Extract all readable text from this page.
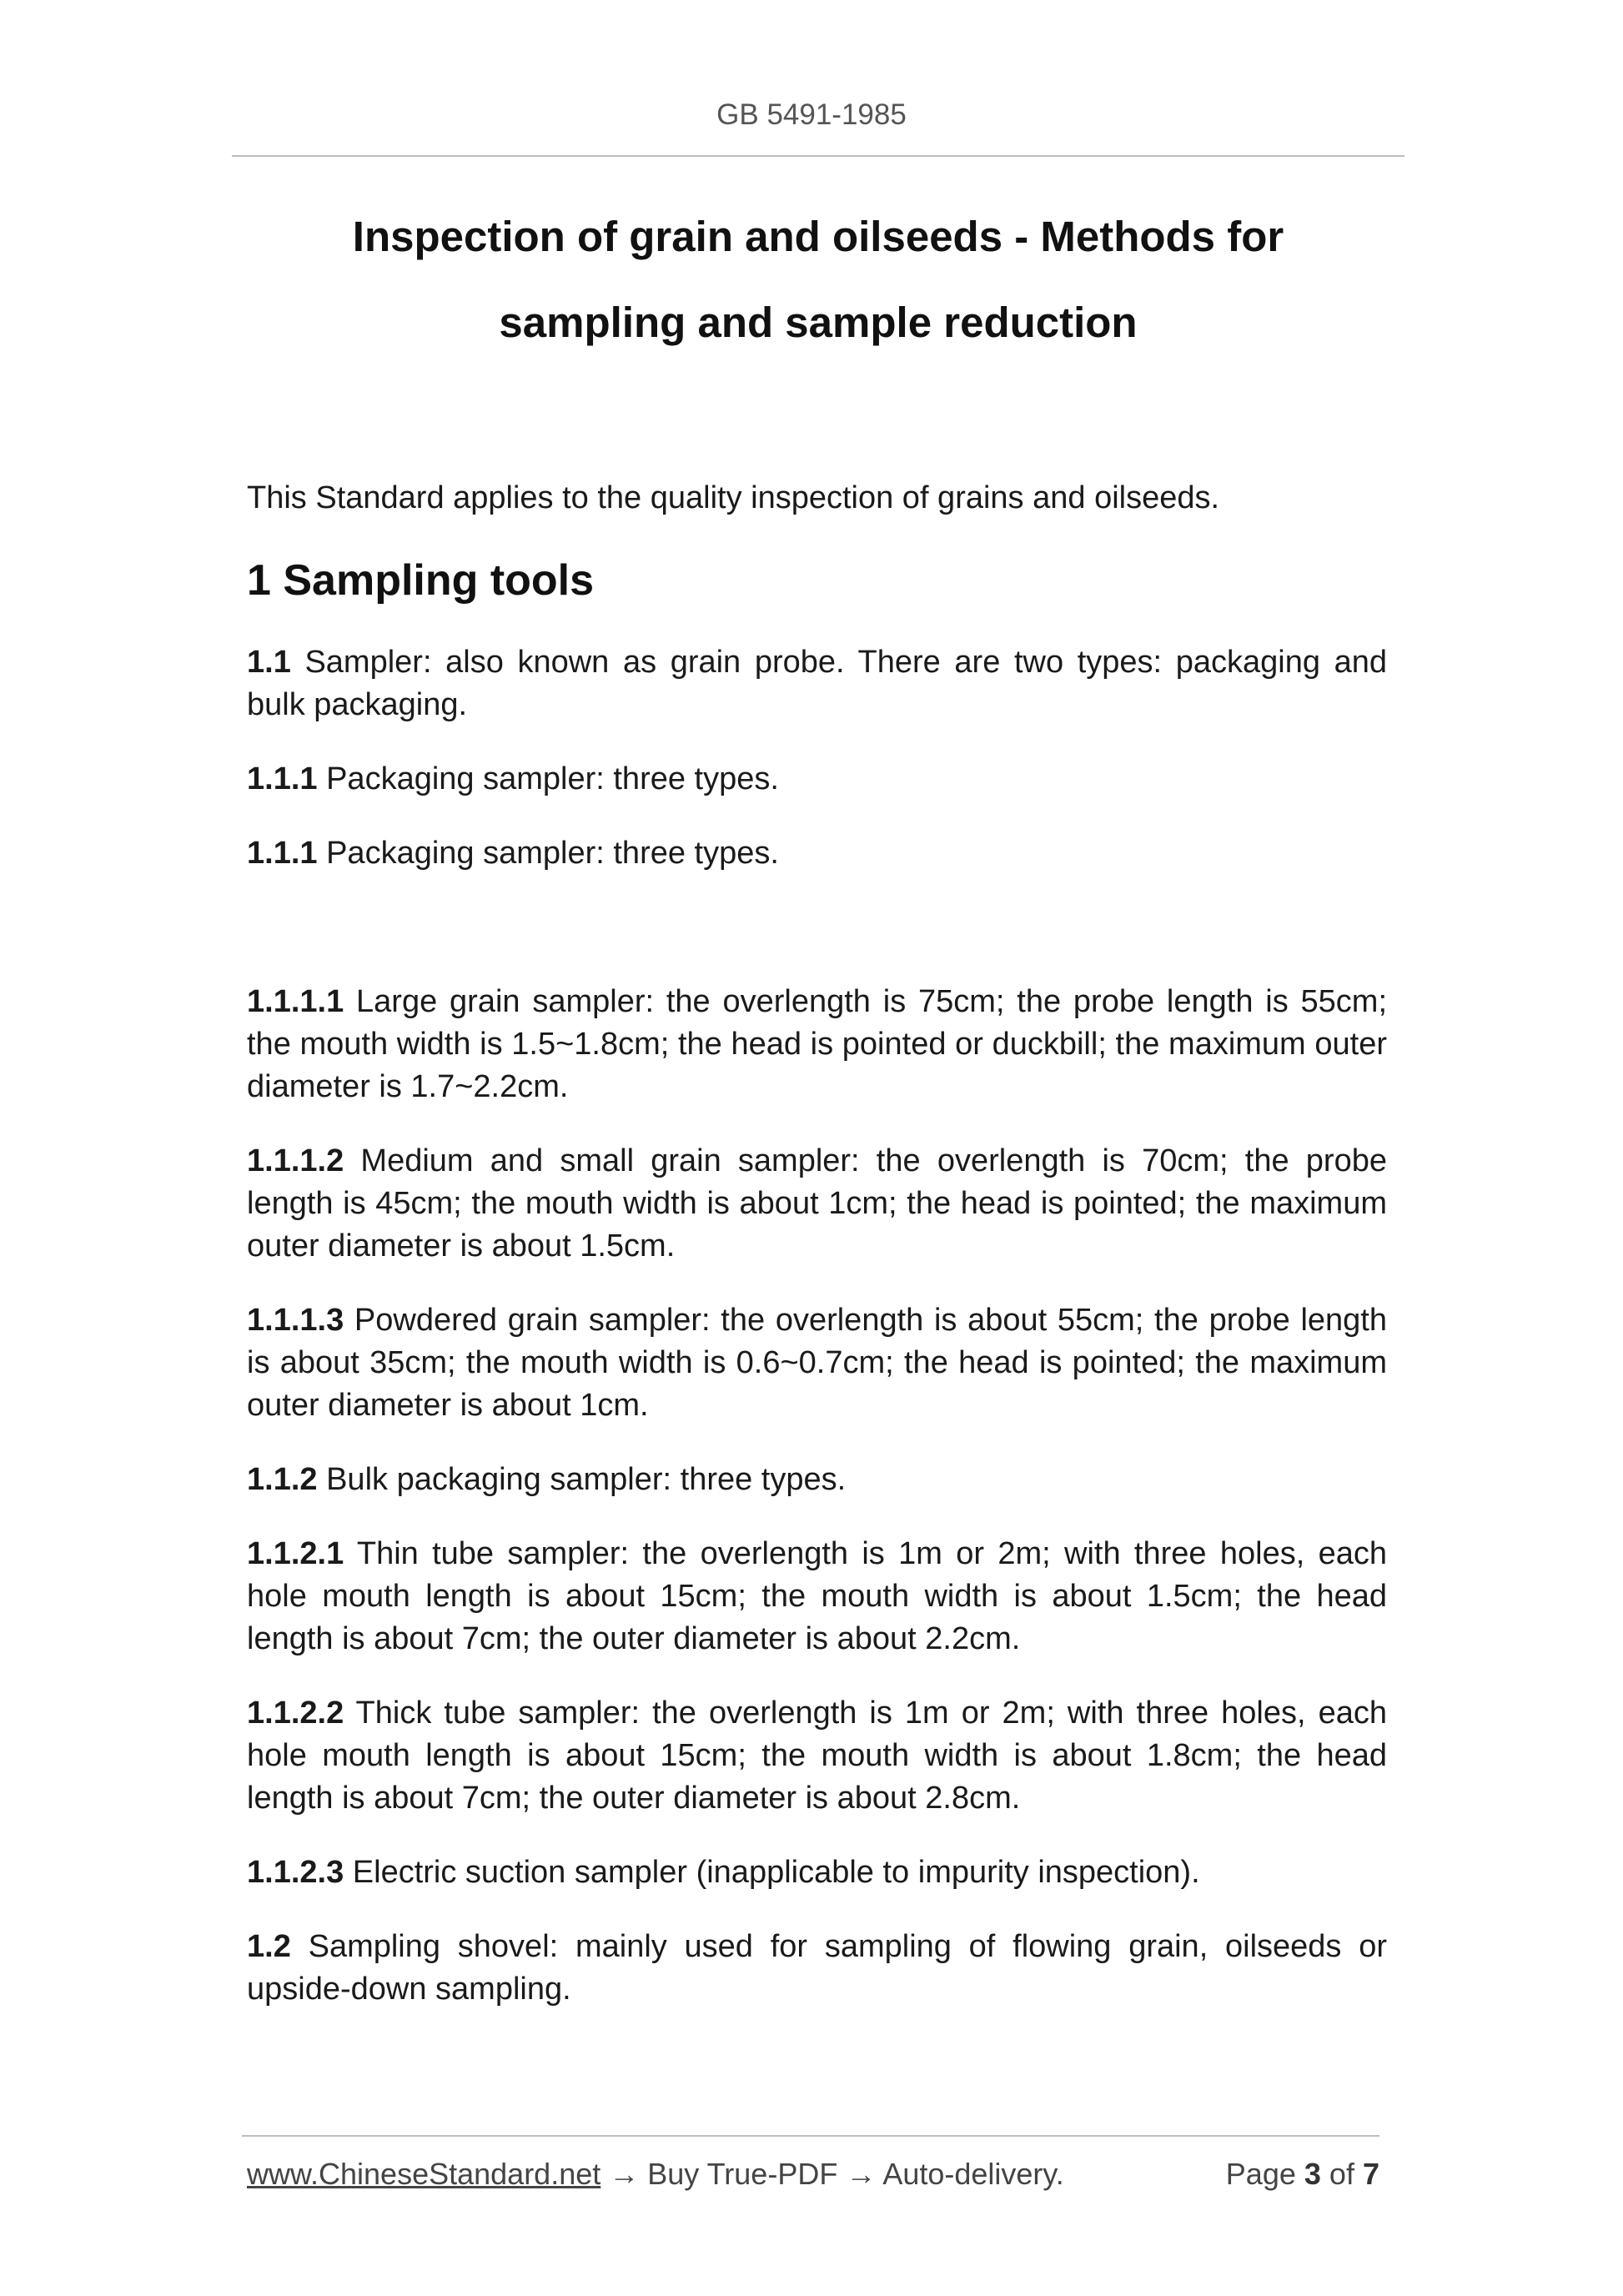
GB 5491-1985
Inspection of grain and oilseeds - Methods for
sampling and sample reduction

This Standard applies to the quality inspection of grains and oilseeds.

1 Sampling tools

1.1 Sampler: also known as grain probe. There are two types: packaging and bulk packaging.

1.1.1 Packaging sampler: three types.

1.1.1 Packaging sampler: three types.

1.1.1.1 Large grain sampler: the overlength is 75cm; the probe length is 55cm; the mouth width is 1.5~1.8cm; the head is pointed or duckbill; the maximum outer diameter is 1.7~2.2cm.

1.1.1.2 Medium and small grain sampler: the overlength is 70cm; the probe length is 45cm; the mouth width is about 1cm; the head is pointed; the maximum outer diameter is about 1.5cm.

1.1.1.3 Powdered grain sampler: the overlength is about 55cm; the probe length is about 35cm; the mouth width is 0.6~0.7cm; the head is pointed; the maximum outer diameter is about 1cm.

1.1.2 Bulk packaging sampler: three types.

1.1.2.1 Thin tube sampler: the overlength is 1m or 2m; with three holes, each hole mouth length is about 15cm; the mouth width is about 1.5cm; the head length is about 7cm; the outer diameter is about 2.2cm.

1.1.2.2 Thick tube sampler: the overlength is 1m or 2m; with three holes, each hole mouth length is about 15cm; the mouth width is about 1.8cm; the head length is about 7cm; the outer diameter is about 2.8cm.

1.1.2.3 Electric suction sampler (inapplicable to impurity inspection).

1.2 Sampling shovel: mainly used for sampling of flowing grain, oilseeds or upside-down sampling.

www.ChineseStandard.net → Buy True-PDF → Auto-delivery.	Page 3 of 7
